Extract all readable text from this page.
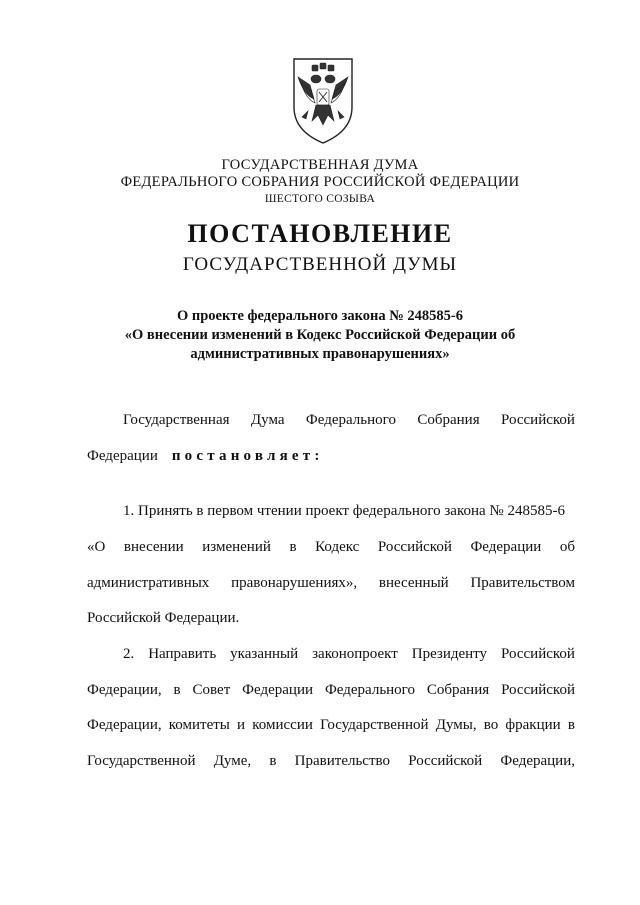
ГОСУДАРСТВЕННАЯ ДУМА
ФЕДЕРАЛЬНОГО СОБРАНИЯ РОССИЙСКОЙ ФЕДЕРАЦИИ
ШЕСТОГО СОЗЫВА
ПОСТАНОВЛЕНИЕ
ГОСУДАРСТВЕННОЙ ДУМЫ
О проекте федерального закона № 248585-6
«О внесении изменений в Кодекс Российской Федерации об
административных правонарушениях»
Государственная Дума Федерального Собрания Российской
Федерации постановляет:
1. Принять в первом чтении проект федерального закона № 248585-6
«О внесении изменений в Кодекс Российской Федерации об
административных правонарушениях», внесенный Правительством
Российской Федерации.
2. Направить указанный законопроект Президенту Российской
Федерации, в Совет Федерации Федерального Собрания Российской
Федерации, комитеты и комиссии Государственной Думы, во фракции в
Государственной Думе, в Правительство Российской Федерации,
